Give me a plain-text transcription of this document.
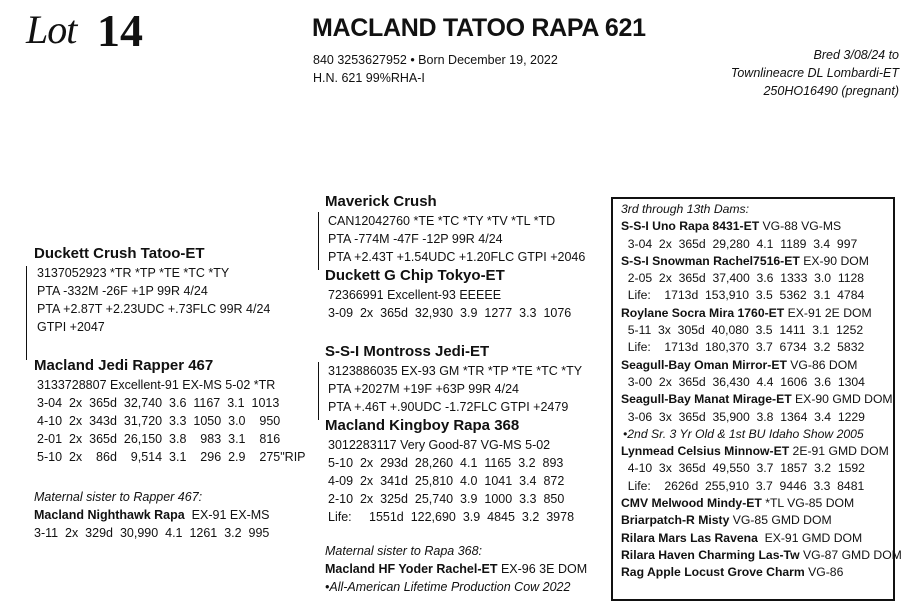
Lot 14	MACLAND TATOO RAPA 621
840 3253627952 • Born December 19, 2022
H.N. 621 99%RHA-I
Bred 3/08/24 to
Townlineacre DL Lombardi-ET
250HO16490 (pregnant)
Duckett Crush Tatoo-ET
3137052923 *TR *TP *TE *TC *TY
PTA -332M -26F +1P 99R 4/24
PTA +2.87T +2.23UDC +.73FLC 99R 4/24
GTPI +2047
Macland Jedi Rapper 467
3133728807 Excellent-91 EX-MS 5-02 *TR
3-04  2x  365d  32,740  3.6  1167  3.1  1013
4-10  2x  343d  31,720  3.3  1050  3.0    950
2-01  2x  365d  26,150  3.8    983  3.1    816
5-10  2x    86d    9,514  3.1    296  2.9    275"RIP
Maternal sister to Rapper 467:
Macland Nighthawk Rapa  EX-91 EX-MS
3-11  2x  329d  30,990  4.1  1261  3.2  995
Maverick Crush
CAN12042760 *TE *TC *TY *TV *TL *TD
PTA -774M -47F -12P 99R 4/24
PTA +2.43T +1.54UDC +1.20FLC GTPI +2046
Duckett G Chip Tokyo-ET
72366991 Excellent-93 EEEEE
3-09  2x  365d  32,930  3.9  1277  3.3  1076
S-S-I Montross Jedi-ET
3123886035 EX-93 GM *TR *TP *TE *TC *TY
PTA +2027M +19F +63P 99R 4/24
PTA +.46T +.90UDC -1.72FLC GTPI +2479
Macland Kingboy Rapa 368
3012283117 Very Good-87 VG-MS 5-02
5-10  2x  293d  28,260  4.1  1165  3.2  893
4-09  2x  341d  25,810  4.0  1041  3.4  872
2-10  2x  325d  25,740  3.9  1000  3.3  850
Life:     1551d  122,690  3.9  4845  3.2  3978
Maternal sister to Rapa 368:
Macland HF Yoder Rachel-ET EX-96 3E DOM
•All-American Lifetime Production Cow 2022
3rd through 13th Dams:
S-S-I Uno Rapa 8431-ET VG-88 VG-MS
3-04  2x  365d  29,280  4.1  1189  3.4  997
S-S-I Snowman Rachel7516-ET EX-90 DOM
2-05  2x  365d  37,400  3.6  1333  3.0  1128
Life:    1713d  153,910  3.5  5362  3.1  4784
Roylane Socra Mira 1760-ET EX-91 2E DOM
5-11  3x  305d  40,080  3.5  1411  3.1  1252
Life:    1713d  180,370  3.7  6734  3.2  5832
Seagull-Bay Oman Mirror-ET VG-86 DOM
3-00  2x  365d  36,430  4.4  1606  3.6  1304
Seagull-Bay Manat Mirage-ET EX-90 GMD DOM
3-06  3x  365d  35,900  3.8  1364  3.4  1229
•2nd Sr. 3 Yr Old & 1st BU Idaho Show 2005
Lynmead Celsius Minnow-ET 2E-91 GMD DOM
4-10  3x  365d  49,550  3.7  1857  3.2  1592
Life:    2626d  255,910  3.7  9446  3.3  8481
CMV Melwood Mindy-ET *TL VG-85 DOM
Briarpatch-R Misty VG-85 GMD DOM
Rilara Mars Las Ravena  EX-91 GMD DOM
Rilara Haven Charming Las-Tw VG-87 GMD DOM
Rag Apple Locust Grove Charm VG-86
